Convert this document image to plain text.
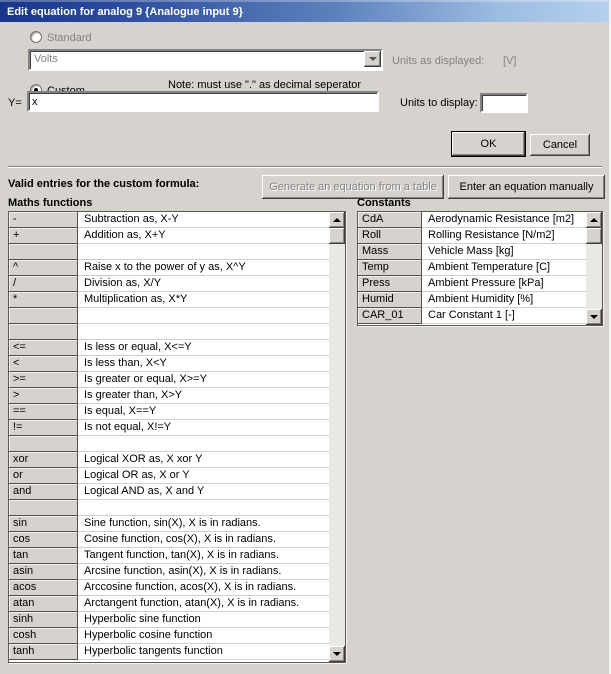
Edit equation for analog 9 {Analogue input 9}
Standard
Volts	Units as displayed: [V]
Note: must use "." as decimal seperator
Y=
x	Units to display:
OK	Cancel
Valid entries for the custom formula:	Generate an equation from a table Enter an equation manually
Maths functions	Constants
-	Subtraction as, X-Y
+	Addition as, X+Y
^	Raise x to the power of y as, X^Y
/	Division as, X/Y
*	Multiplication as, X*Y
<=	Is less or equal, X<=Y
<	Is less than, X<Y
>=	Is greater or equal, X>=Y
>	Is greater than, X>Y
==	Is equal, X==Y
!=	Is not equal, X!=Y
xor	Logical XOR as, X xor Y
or	Logical OR as, X or Y
and	Logical AND as, X and Y
sin	Sine function, sin(X), X is in radians.
cos	Cosine function, cos(X), X is in radians.
tan	Tangent function, tan(X), X is in radians.
asin	Arcsine function, asin(X), X is in radians.
acos	Arccosine function, acos(X), X is in radians.
atan	Arctangent function, atan(X), X is in radians.
sinh	Hyperbolic sine function
cosh	Hyperbolic cosine function
tanh	Hyperbolic tangents function
CdA	Aerodynamic Resistance [m2]
Roll	Rolling Resistance [N/m2]
Mass	Vehicle Mass [kg]
Temp	Ambient Temperature [C]
Press	Ambient Pressure [kPa]
Humid	Ambient Humidity [%]
CAR_01	Car Constant 1 [-]
